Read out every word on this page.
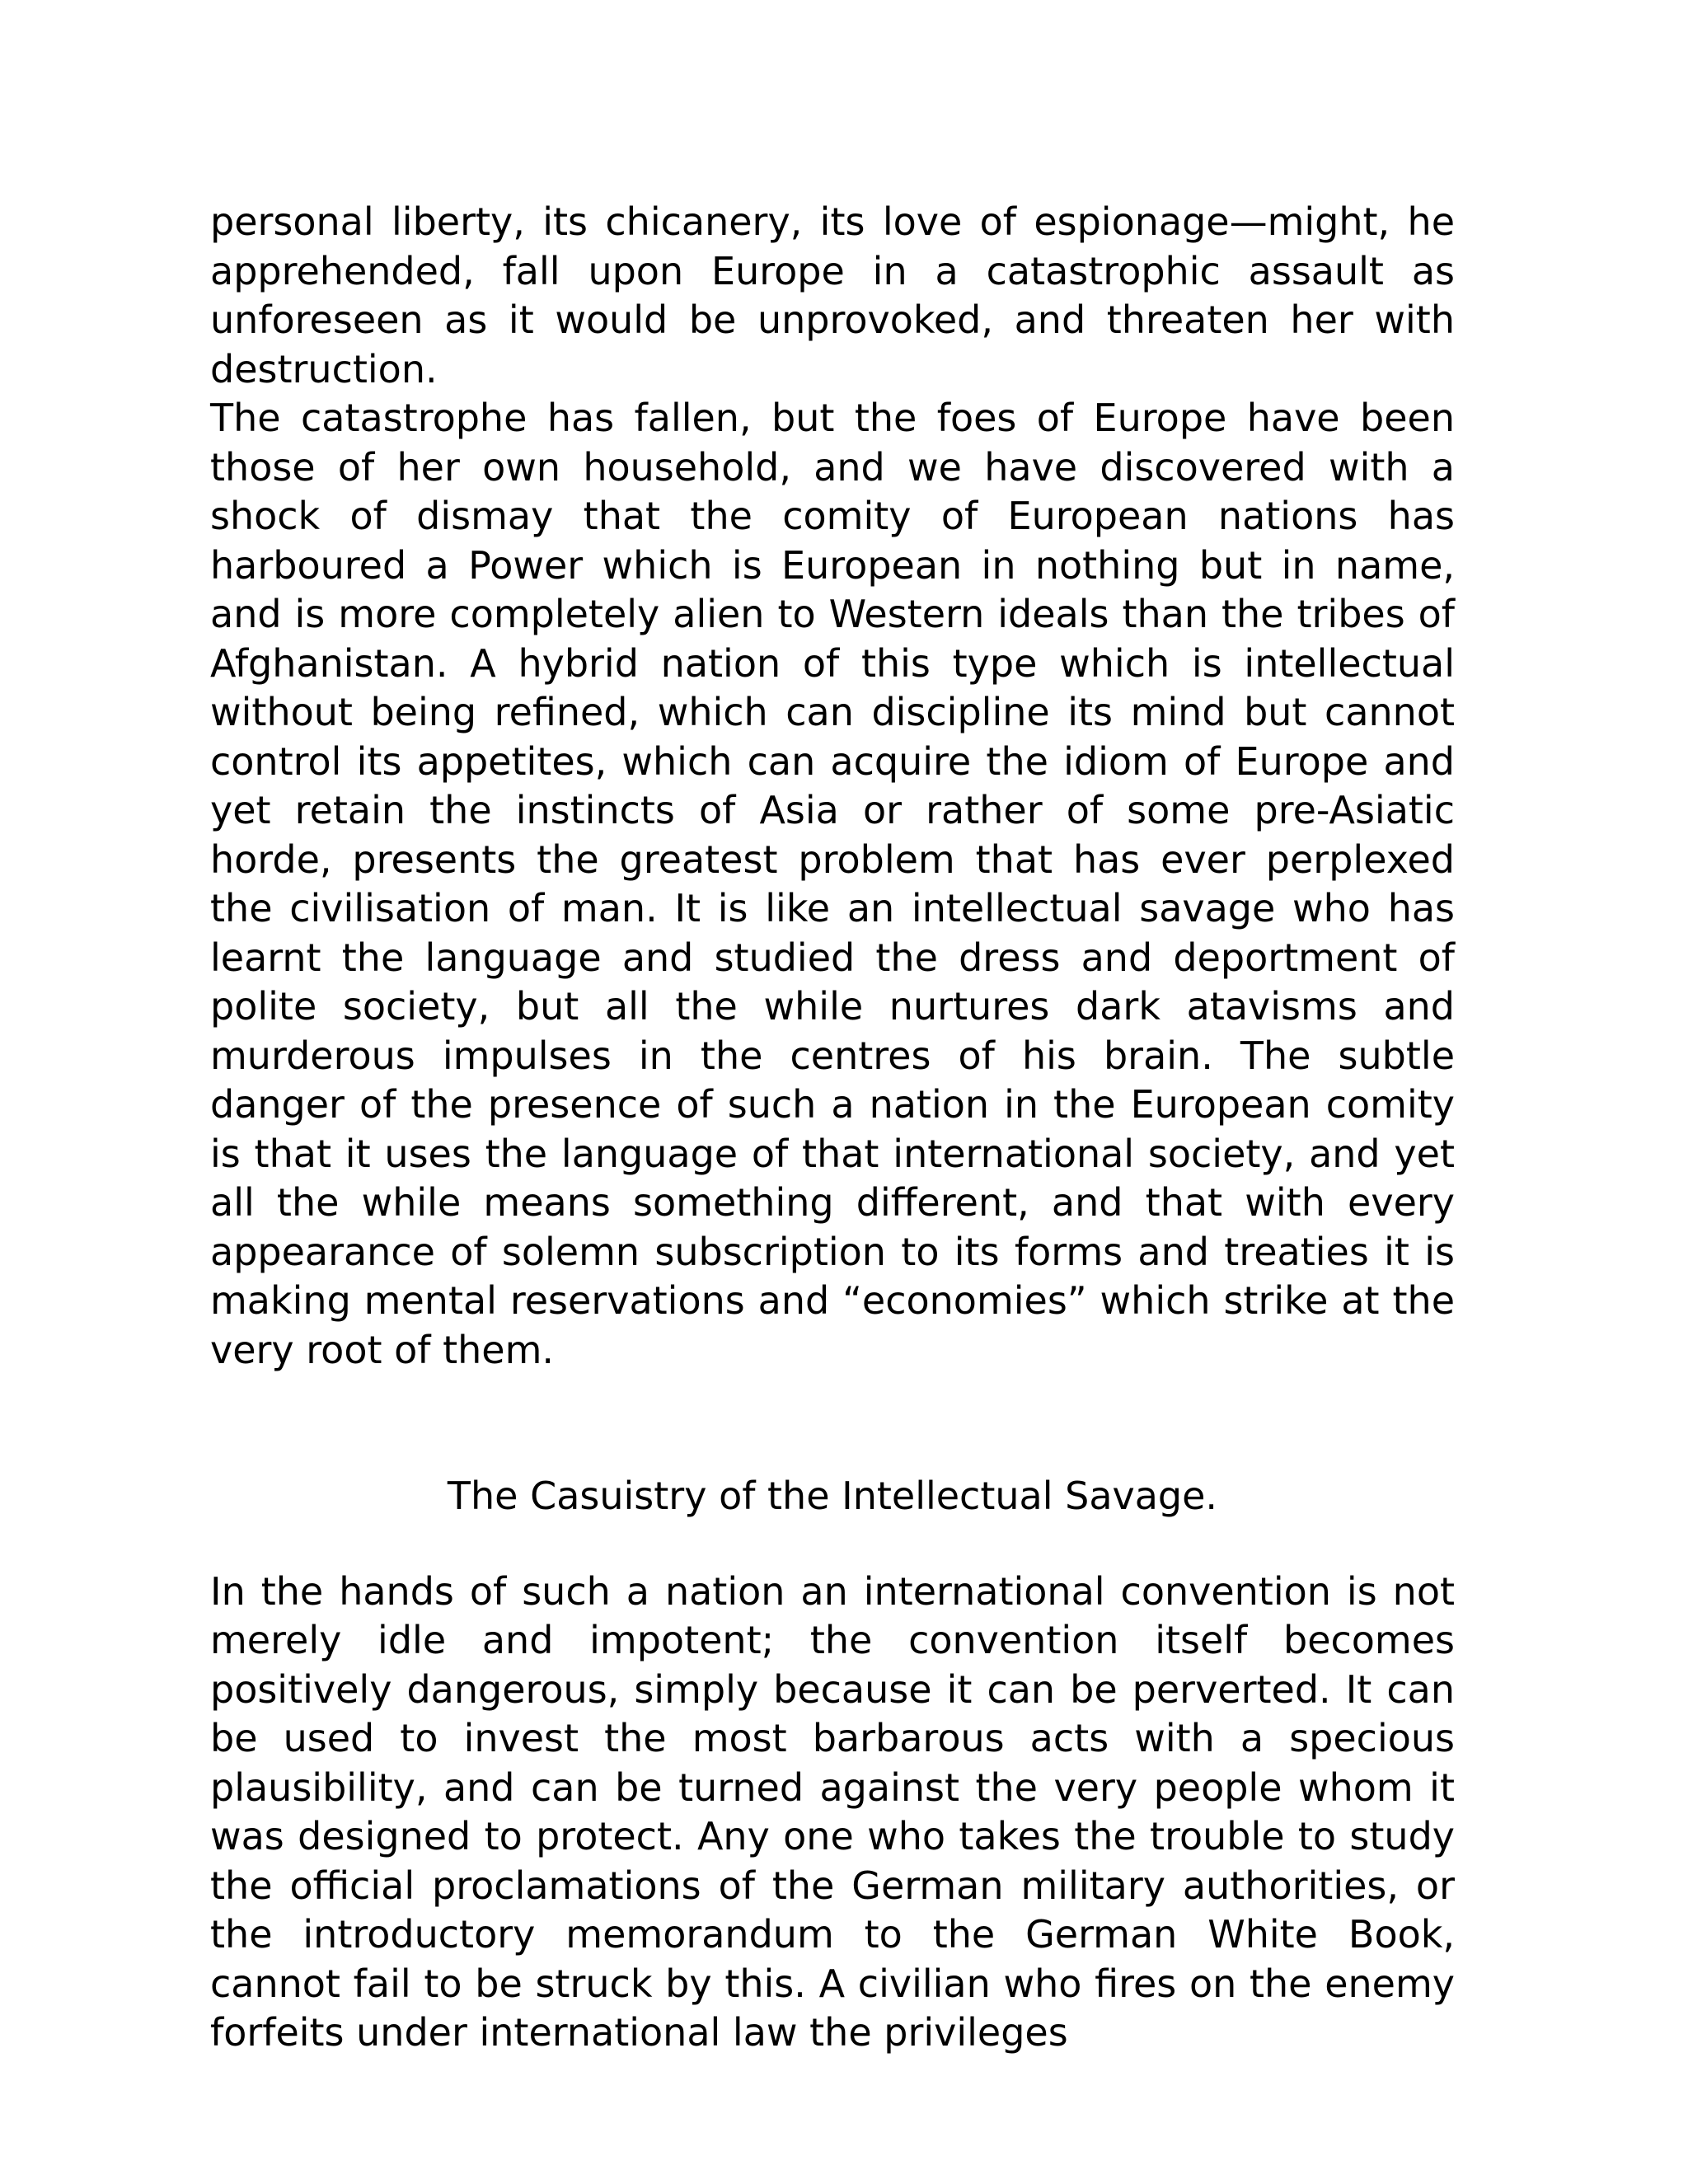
personal liberty, its chicanery, its love of espionage—might, he apprehended, fall upon Europe in a catastrophic assault as unforeseen as it would be unprovoked, and threaten her with destruction.

The catastrophe has fallen, but the foes of Europe have been those of her own household, and we have discovered with a shock of dismay that the comity of European nations has harboured a Power which is European in nothing but in name, and is more completely alien to Western ideals than the tribes of Afghanistan. A hybrid nation of this type which is intellectual without being refined, which can discipline its mind but cannot control its appetites, which can acquire the idiom of Europe and yet retain the instincts of Asia or rather of some pre-Asiatic horde, presents the greatest problem that has ever perplexed the civilisation of man. It is like an intellectual savage who has learnt the language and studied the dress and deportment of polite society, but all the while nurtures dark atavisms and murderous impulses in the centres of his brain. The subtle danger of the presence of such a nation in the European comity is that it uses the language of that international society, and yet all the while means something different, and that with every appearance of solemn subscription to its forms and treaties it is making mental reservations and “economies” which strike at the very root of them.

The Casuistry of the Intellectual Savage.

In the hands of such a nation an international convention is not merely idle and impotent; the convention itself becomes positively dangerous, simply because it can be perverted. It can be used to invest the most barbarous acts with a specious plausibility, and can be turned against the very people whom it was designed to protect. Any one who takes the trouble to study the official proclamations of the German military authorities, or the introductory memorandum to the German White Book, cannot fail to be struck by this. A civilian who fires on the enemy forfeits under international law the privileges
